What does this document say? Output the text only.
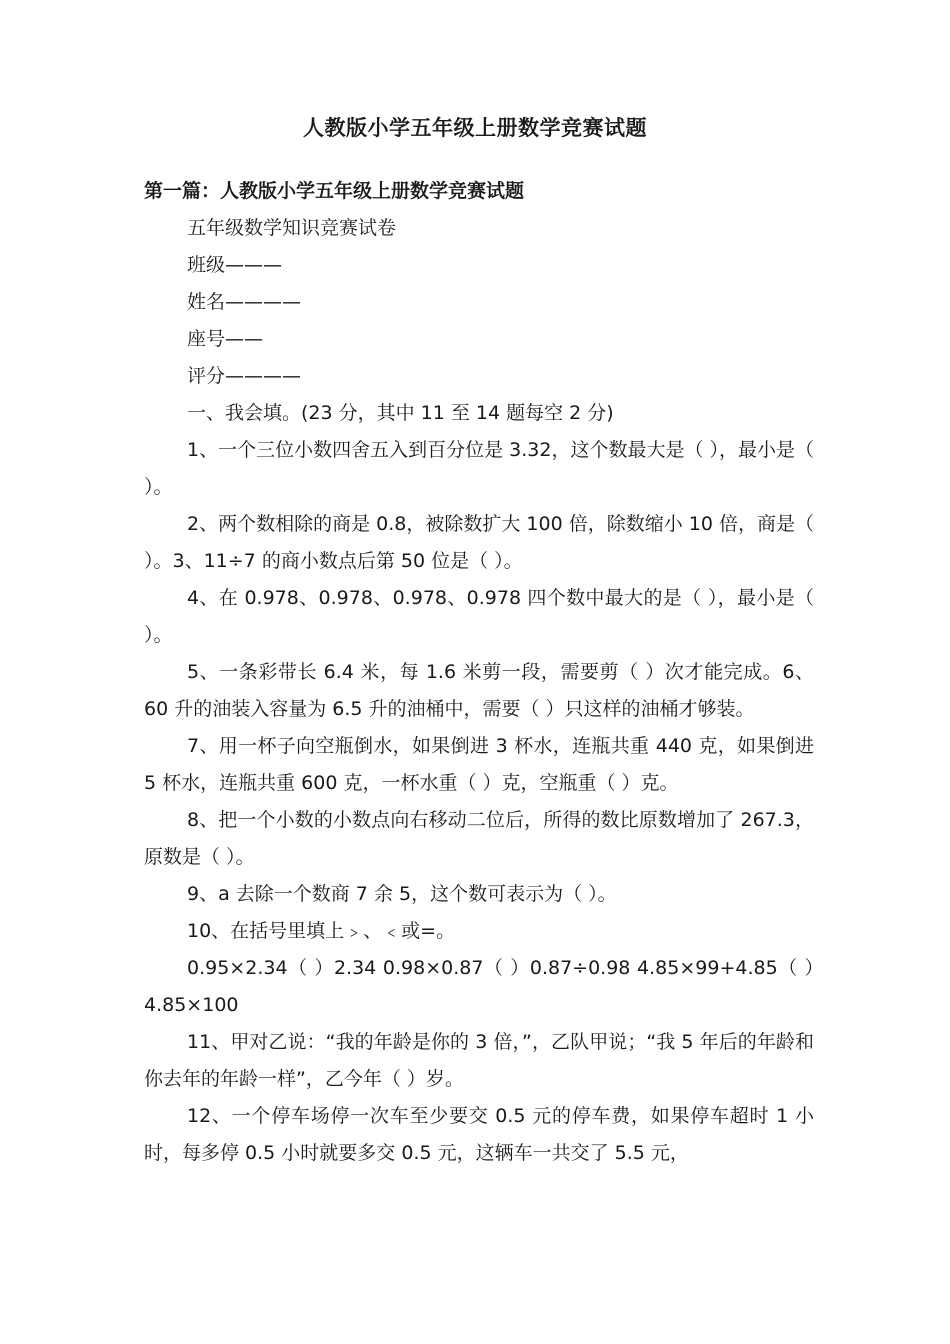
人教版小学五年级上册数学竞赛试题
第一篇：人教版小学五年级上册数学竞赛试题

五年级数学知识竞赛试卷

班级———

姓名————

座号——

评分————

一、我会填。(23 分，其中 11 至 14 题每空 2 分)

1、一个三位小数四舍五入到百分位是 3.32，这个数最大是（ ），最小是（ ）。

2、两个数相除的商是 0.8，被除数扩大 100 倍，除数缩小 10 倍，商是（ ）。3、11÷7 的商小数点后第 50 位是（ ）。

4、在 0.978、0.978、0.978、0.978 四个数中最大的是（ ），最小是（ ）。

5、一条彩带长 6.4 米，每 1.6 米剪一段，需要剪（ ）次才能完成。6、60 升的油装入容量为 6.5 升的油桶中，需要（ ）只这样的油桶才够装。

7、用一杯子向空瓶倒水，如果倒进 3 杯水，连瓶共重 440 克，如果倒进 5 杯水，连瓶共重 600 克，一杯水重（ ）克，空瓶重（ ）克。

8、把一个小数的小数点向右移动二位后，所得的数比原数增加了 267.3，原数是（ ）。

9、a 去除一个数商 7 余 5，这个数可表示为（ ）。

10、在括号里填上﹥、﹤或=。

0.95×2.34（ ）2.34 0.98×0.87（ ）0.87÷0.98 4.85×99+4.85（ ）4.85×100

11、甲对乙说：“我的年龄是你的 3 倍，”，乙队甲说；“我 5 年后的年龄和你去年的年龄一样”，乙今年（ ）岁。

12、一个停车场停一次车至少要交 0.5 元的停车费，如果停车超时 1 小时，每多停 0.5 小时就要多交 0.5 元，这辆车一共交了 5.5 元，
